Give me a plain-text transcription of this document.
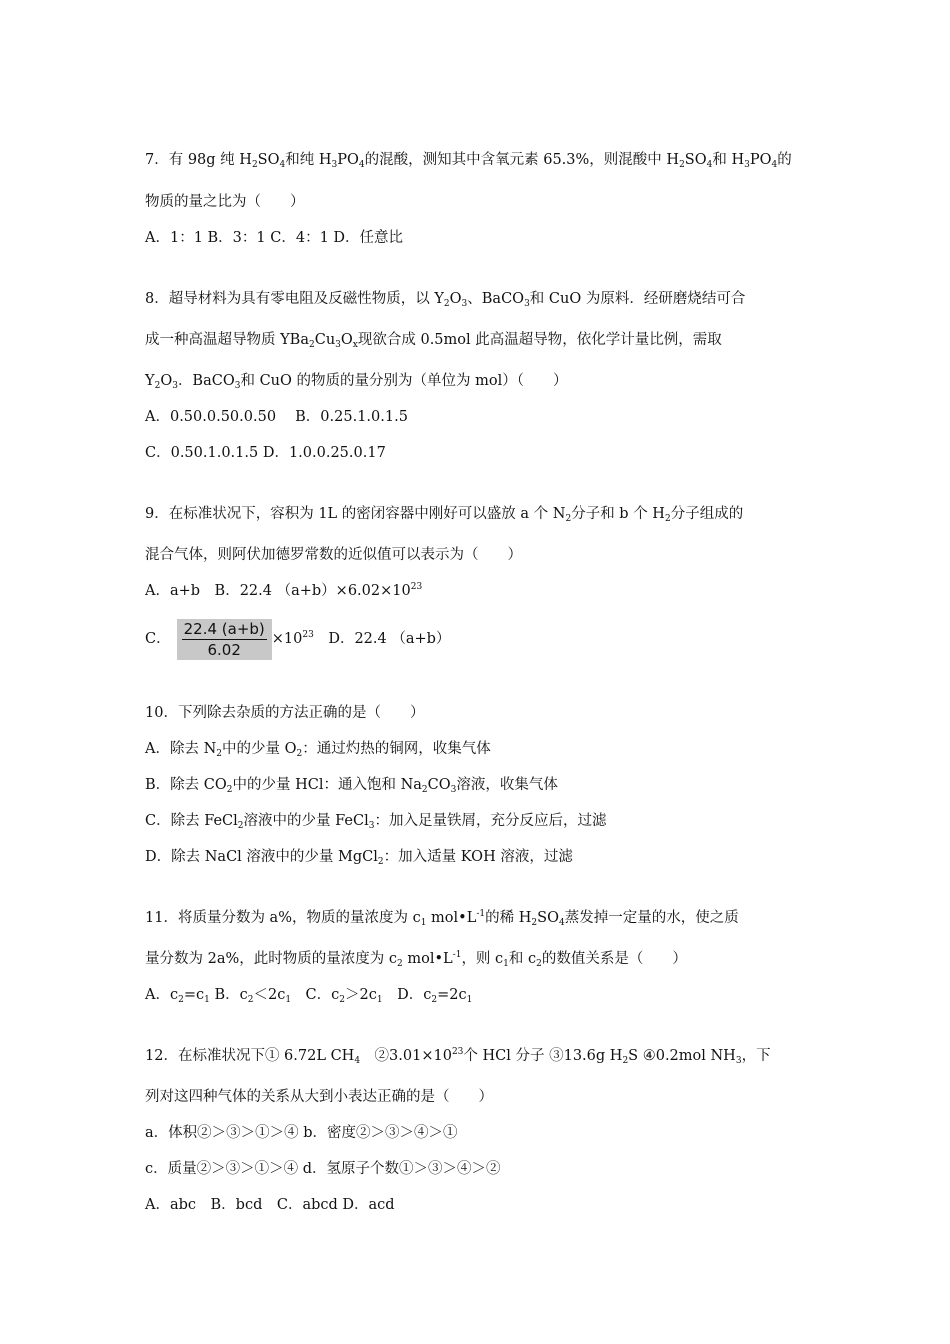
7．有 98g 纯 $H_2SO_4$和纯 $H_3PO_4$的混酸，测知其中含氧元素 65.3%，则混酸中 $H_2SO_4$和 $H_3PO_4$的
物质的量之比为（　　）
A．1：1 B．3：1 C．4：1 D．任意比
8．超导材料为具有零电阻及反磁性物质，以 $Y_2O_3$、BaCO$_3$和 CuO 为原料．经研磨烧结可合
成一种高温超导物质 $YBa_2Cu_3O_x$现欲合成 0.5mol 此高温超导物，依化学计量比例，需取
$Y_2O_3$．BaCO$_3$和 CuO 的物质的量分别为（单位为 mol）（　　）
A．0.50.0.50.0.50　 B．0.25.1.0.1.5
C．0.50.1.0.1.5 D．1.0.0.25.0.17
9．在标准状况下，容积为 1L 的密闭容器中刚好可以盛放 a 个 $N_2$分子和 b 个 $H_2$分子组成的
混合气体，则阿伏加德罗常数的近似值可以表示为（　　）
A．a+b　B．22.4 $(a+b)\times 6.02\times 10^{23}$
C． $\frac{22.4 (a+b)}{6.02} \times 10^{23}$　D．22.4 （a+b）
10．下列除去杂质的方法正确的是（　　）
A．除去 $N_2$中的少量 $O_2$：通过灼热的铜网，收集气体
B．除去 $CO_2$中的少量 HCl：通入饱和 $Na_2CO_3$溶液，收集气体
C．除去 FeCl$_2$溶液中的少量 FeCl$_3$：加入足量铁屑，充分反应后，过滤
D．除去 NaCl 溶液中的少量 MgCl$_2$：加入适量 KOH 溶液，过滤
11．将质量分数为 a%，物质的量浓度为 $c_1$ $mol•L^{-1}$的稀 $H_2SO_4$蒸发掉一定量的水，使之质
量分数为 2a%，此时物质的量浓度为 $c_2$ $mol•L^{-1}$，则 $c_1$和 $c_2$的数值关系是（　　）
A．$c_2=c_1$ B．$c_2<2c_1$　C．$c_2>2c_1$　D．$c_2=2c_1$
12．在标准状况下① 6.72L $CH_4$　$②3.01\times 10^{23}$个 HCl 分子 ③13.6g $H_2S$ ④0.2mol $NH_3$，下
列对这四种气体的关系从大到小表达正确的是（　　）
a．体积②＞③＞①＞④ b．密度②＞③＞④＞①
c．质量②＞③＞①＞④ d．氢原子个数①＞③＞④＞②
A．abc　B．bcd　C．abcd D．acd
